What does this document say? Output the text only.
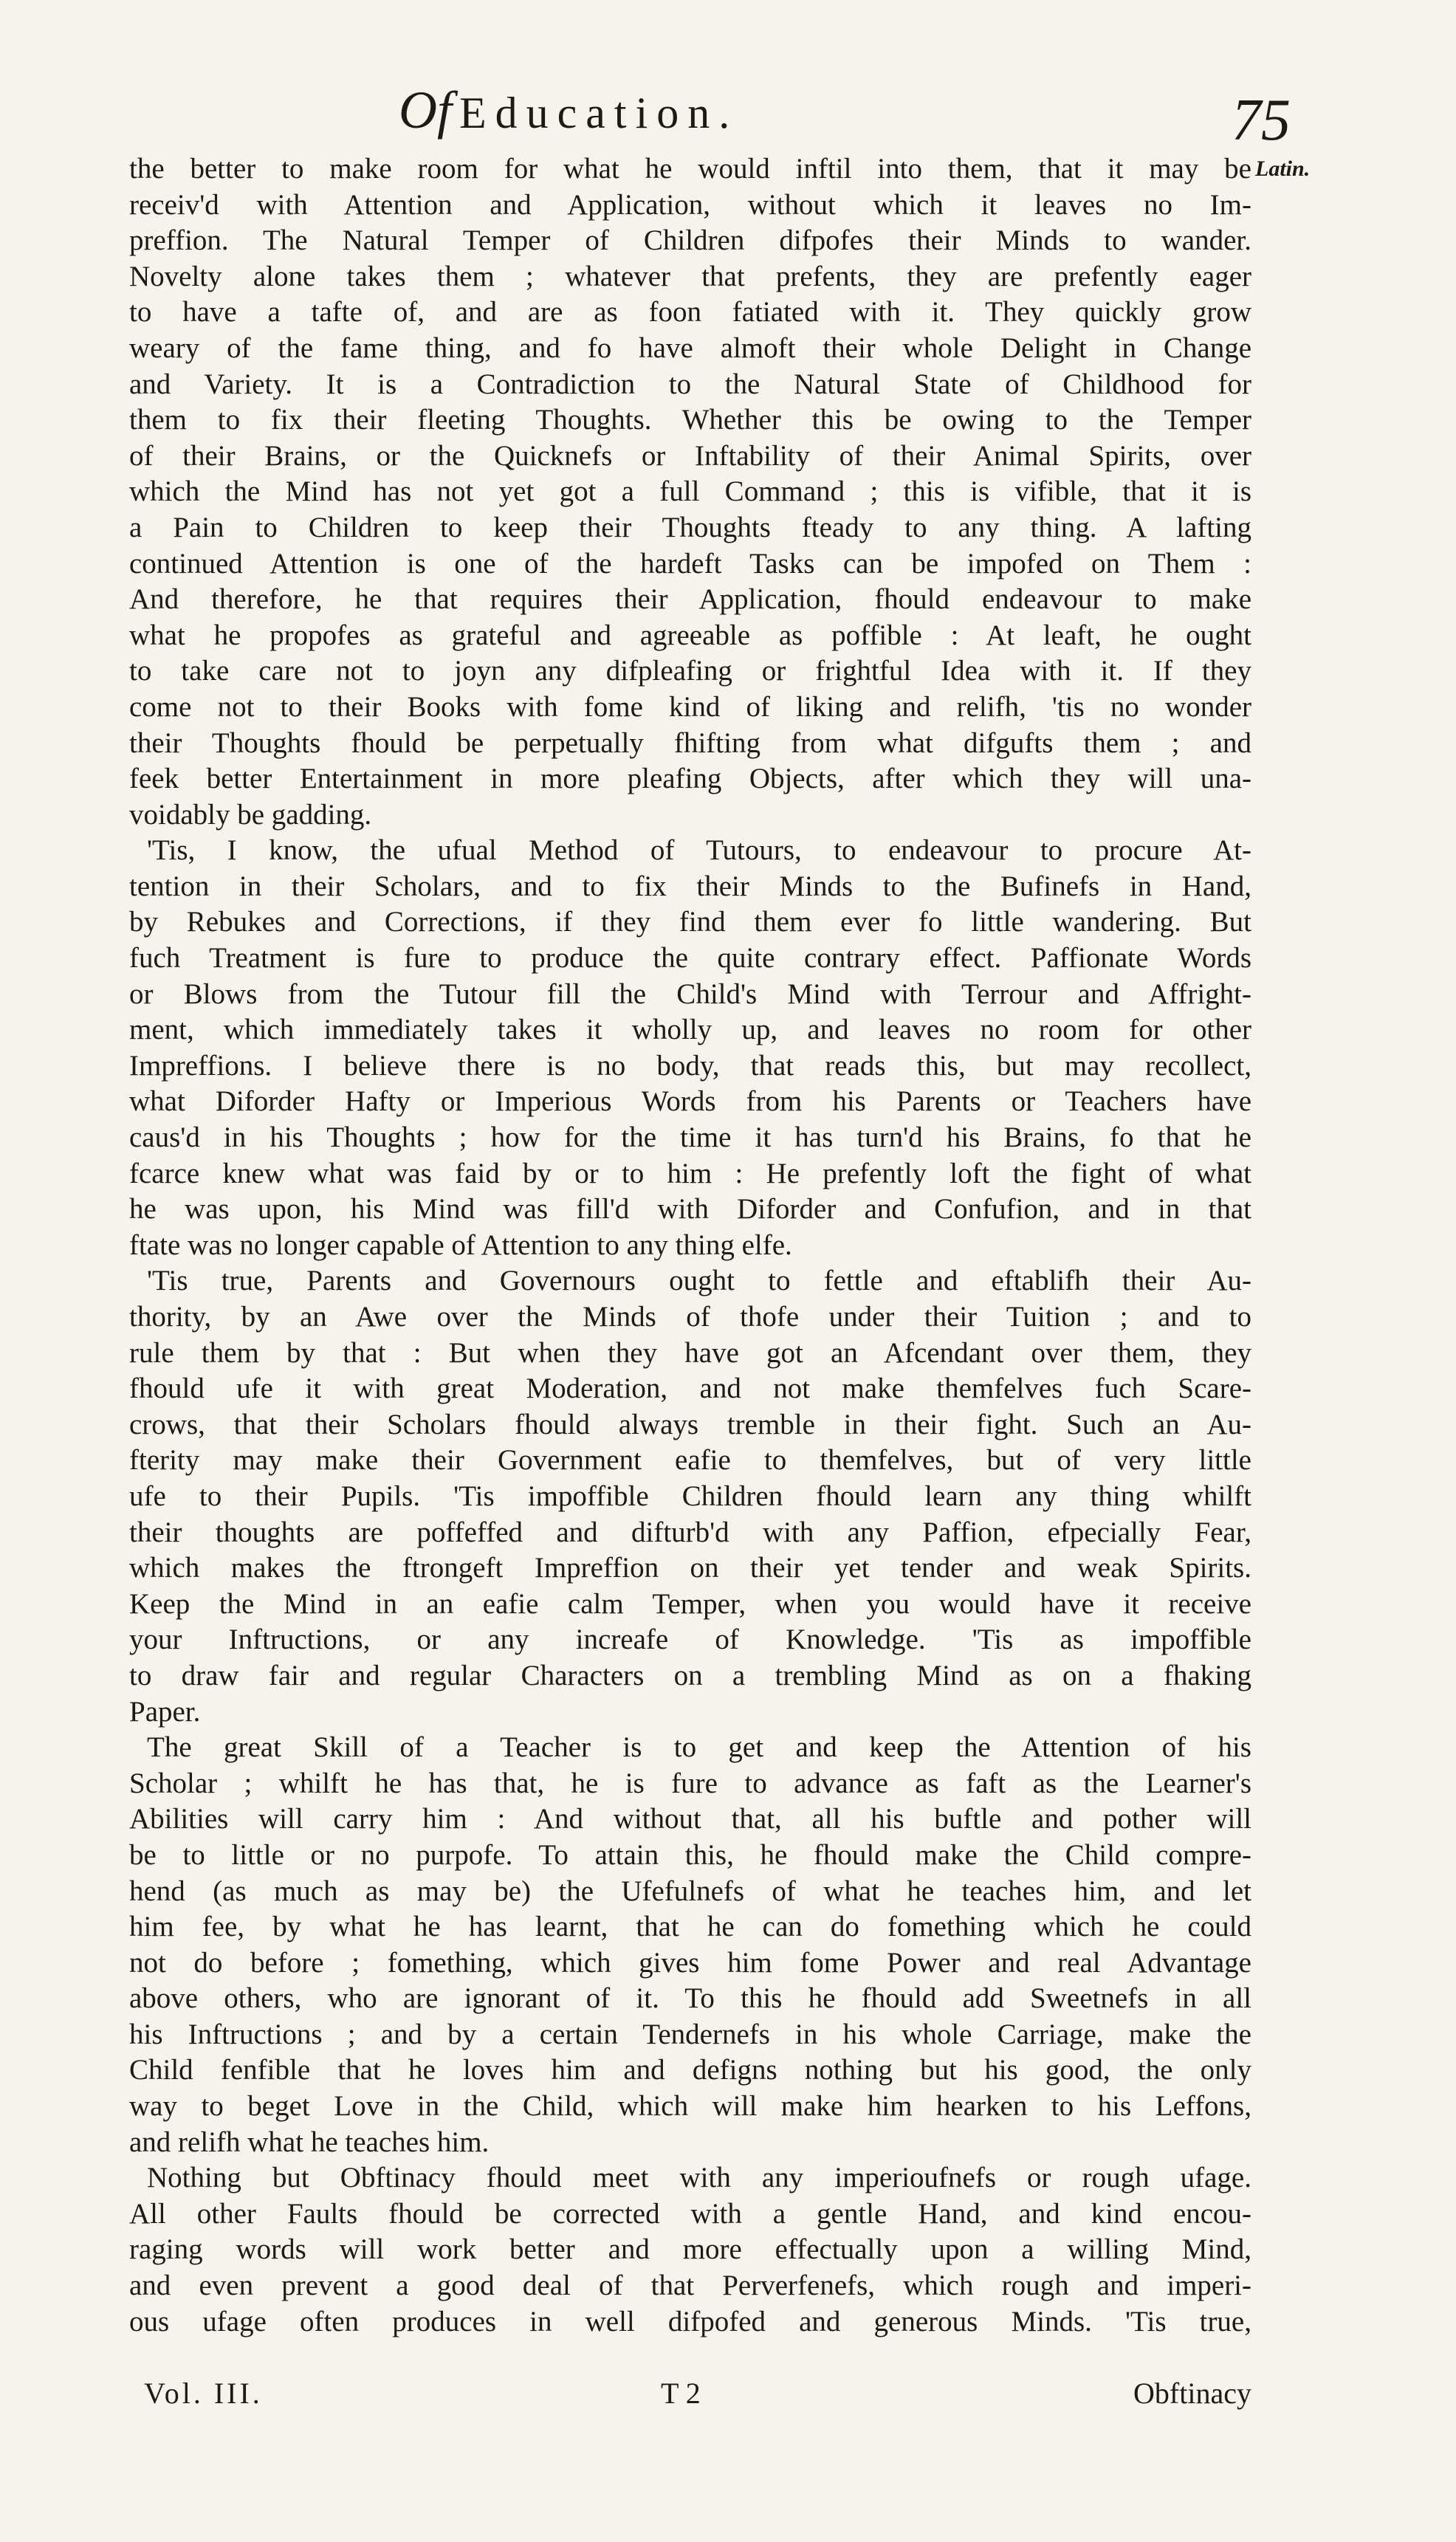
Of Education.	75
Latin.
the better to make room for what he would inftil into them, that it may be
receiv'd with Attention and Application, without which it leaves no Im-
preffion. The Natural Temper of Children difpofes their Minds to wander.
Novelty alone takes them ; whatever that prefents, they are prefently eager
to have a tafte of, and are as foon fatiated with it. They quickly grow
weary of the fame thing, and fo have almoft their whole Delight in Change
and Variety. It is a Contradiction to the Natural State of Childhood for
them to fix their fleeting Thoughts. Whether this be owing to the Temper
of their Brains, or the Quicknefs or Inftability of their Animal Spirits, over
which the Mind has not yet got a full Command ; this is vifible, that it is
a Pain to Children to keep their Thoughts fteady to any thing. A lafting
continued Attention is one of the hardeft Tasks can be impofed on Them :
And therefore, he that requires their Application, fhould endeavour to make
what he propofes as grateful and agreeable as poffible : At leaft, he ought
to take care not to joyn any difpleafing or frightful Idea with it. If they
come not to their Books with fome kind of liking and relifh, 'tis no wonder
their Thoughts fhould be perpetually fhifting from what difgufts them ; and
feek better Entertainment in more pleafing Objects, after which they will una-
voidably be gadding.
'Tis, I know, the ufual Method of Tutours, to endeavour to procure At-
tention in their Scholars, and to fix their Minds to the Bufinefs in Hand,
by Rebukes and Corrections, if they find them ever fo little wandering. But
fuch Treatment is fure to produce the quite contrary effect. Paffionate Words
or Blows from the Tutour fill the Child's Mind with Terrour and Affright-
ment, which immediately takes it wholly up, and leaves no room for other
Impreffions. I believe there is no body, that reads this, but may recollect,
what Diforder Hafty or Imperious Words from his Parents or Teachers have
caus'd in his Thoughts ; how for the time it has turn'd his Brains, fo that he
fcarce knew what was faid by or to him : He prefently loft the fight of what
he was upon, his Mind was fill'd with Diforder and Confufion, and in that
ftate was no longer capable of Attention to any thing elfe.
'Tis true, Parents and Governours ought to fettle and eftablifh their Au-
thority, by an Awe over the Minds of thofe under their Tuition ; and to
rule them by that : But when they have got an Afcendant over them, they
fhould ufe it with great Moderation, and not make themfelves fuch Scare-
crows, that their Scholars fhould always tremble in their fight. Such an Au-
fterity may make their Government eafie to themfelves, but of very little
ufe to their Pupils. 'Tis impoffible Children fhould learn any thing whilft
their thoughts are poffeffed and difturb'd with any Paffion, efpecially Fear,
which makes the ftrongeft Impreffion on their yet tender and weak Spirits.
Keep the Mind in an eafie calm Temper, when you would have it receive
your Inftructions, or any increafe of Knowledge. 'Tis as impoffible
to draw fair and regular Characters on a trembling Mind as on a fhaking
Paper.
The great Skill of a Teacher is to get and keep the Attention of his
Scholar ; whilft he has that, he is fure to advance as faft as the Learner's
Abilities will carry him : And without that, all his buftle and pother will
be to little or no purpofe. To attain this, he fhould make the Child compre-
hend (as much as may be) the Ufefulnefs of what he teaches him, and let
him fee, by what he has learnt, that he can do fomething which he could
not do before ; fomething, which gives him fome Power and real Advantage
above others, who are ignorant of it. To this he fhould add Sweetnefs in all
his Inftructions ; and by a certain Tendernefs in his whole Carriage, make the
Child fenfible that he loves him and defigns nothing but his good, the only
way to beget Love in the Child, which will make him hearken to his Leffons,
and relifh what he teaches him.
Nothing but Obftinacy fhould meet with any imperioufnefs or rough ufage.
All other Faults fhould be corrected with a gentle Hand, and kind encou-
raging words will work better and more effectually upon a willing Mind,
and even prevent a good deal of that Perverfenefs, which rough and imperi-
ous ufage often produces in well difpofed and generous Minds. 'Tis true,
Vol. III.	T 2	Obftinacy
